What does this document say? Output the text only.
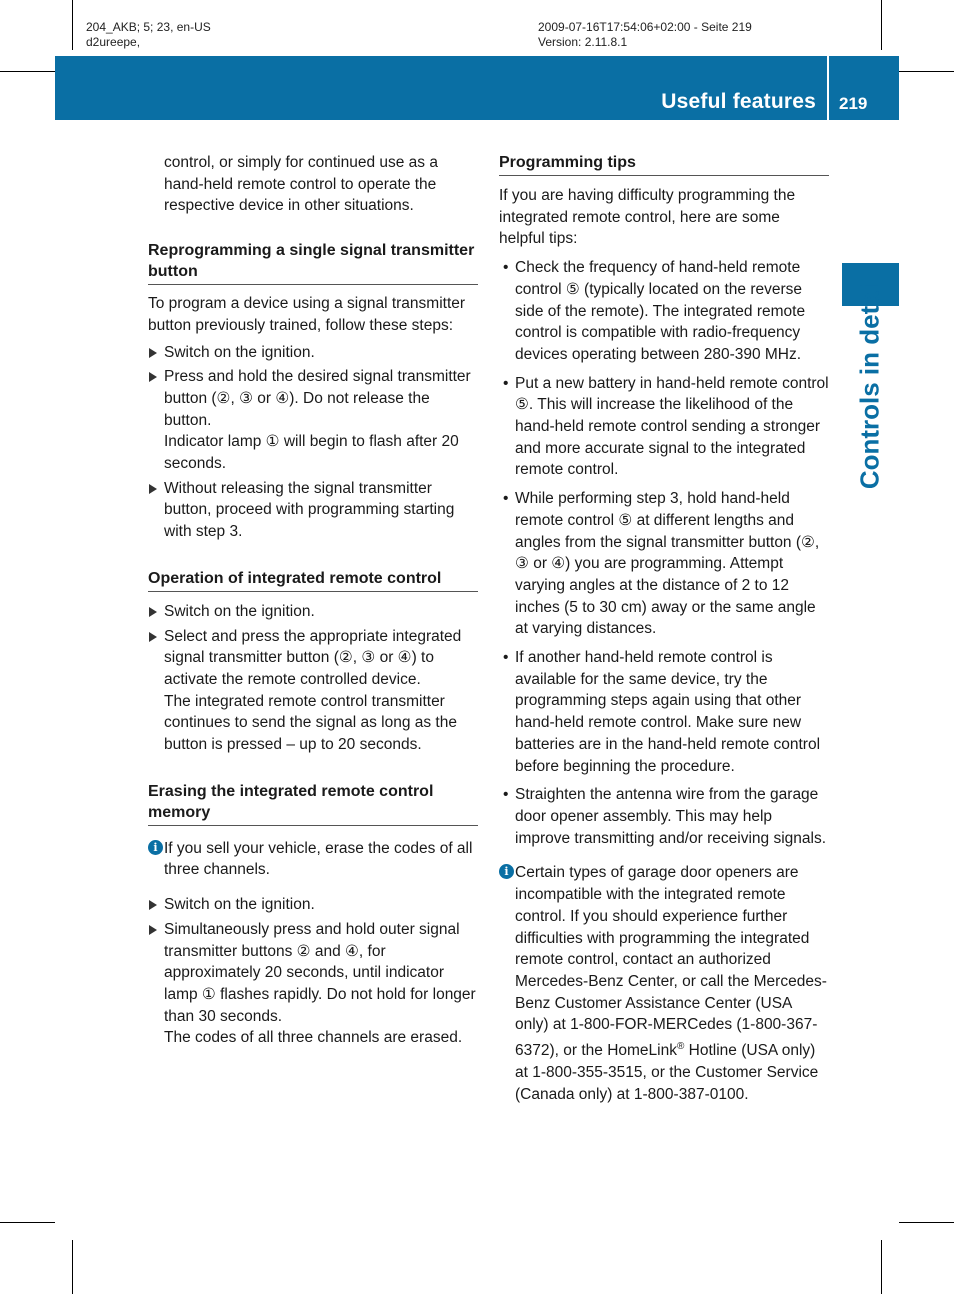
204_AKB; 5; 23, en-US
d2ureepe,
2009-07-16T17:54:06+02:00 - Seite 219
Version: 2.11.8.1
Useful features 219
Controls in detail

control, or simply for continued use as a hand-held remote control to operate the respective device in other situations.

Reprogramming a single signal transmitter button

To program a device using a signal transmitter button previously trained, follow these steps:

Switch on the ignition.
Press and hold the desired signal transmitter button (②, ③ or ④). Do not release the button.
Indicator lamp ① will begin to flash after 20 seconds.
Without releasing the signal transmitter button, proceed with programming starting with step 3.
Operation of integrated remote control
Switch on the ignition.
Select and press the appropriate integrated signal transmitter button (②, ③ or ④) to activate the remote controlled device.
The integrated remote control transmitter continues to send the signal as long as the button is pressed – up to 20 seconds.
Erasing the integrated remote control memory
i If you sell your vehicle, erase the codes of all three channels.
Switch on the ignition.
Simultaneously press and hold outer signal transmitter buttons ② and ④, for approximately 20 seconds, until indicator lamp ① flashes rapidly. Do not hold for longer than 30 seconds.
The codes of all three channels are erased.
Programming tips

If you are having difficulty programming the integrated remote control, here are some helpful tips:

• Check the frequency of hand-held remote control ⑤ (typically located on the reverse side of the remote). The integrated remote control is compatible with radio-frequency devices operating between 280-390 MHz.
• Put a new battery in hand-held remote control ⑤. This will increase the likelihood of the hand-held remote control sending a stronger and more accurate signal to the integrated remote control.
• While performing step 3, hold hand-held remote control ⑤ at different lengths and angles from the signal transmitter button (②, ③ or ④) you are programming. Attempt varying angles at the distance of 2 to 12 inches (5 to 30 cm) away or the same angle at varying distances.
• If another hand-held remote control is available for the same device, try the programming steps again using that other hand-held remote control. Make sure new batteries are in the hand-held remote control before beginning the procedure.
• Straighten the antenna wire from the garage door opener assembly. This may help improve transmitting and/or receiving signals.
i Certain types of garage door openers are incompatible with the integrated remote control. If you should experience further difficulties with programming the integrated remote control, contact an authorized Mercedes-Benz Center, or call the Mercedes-Benz Customer Assistance Center (USA only) at 1-800-FOR-MERCedes (1-800-367-6372), or the HomeLink® Hotline (USA only) at 1-800-355-3515, or the Customer Service (Canada only) at 1-800-387-0100.
